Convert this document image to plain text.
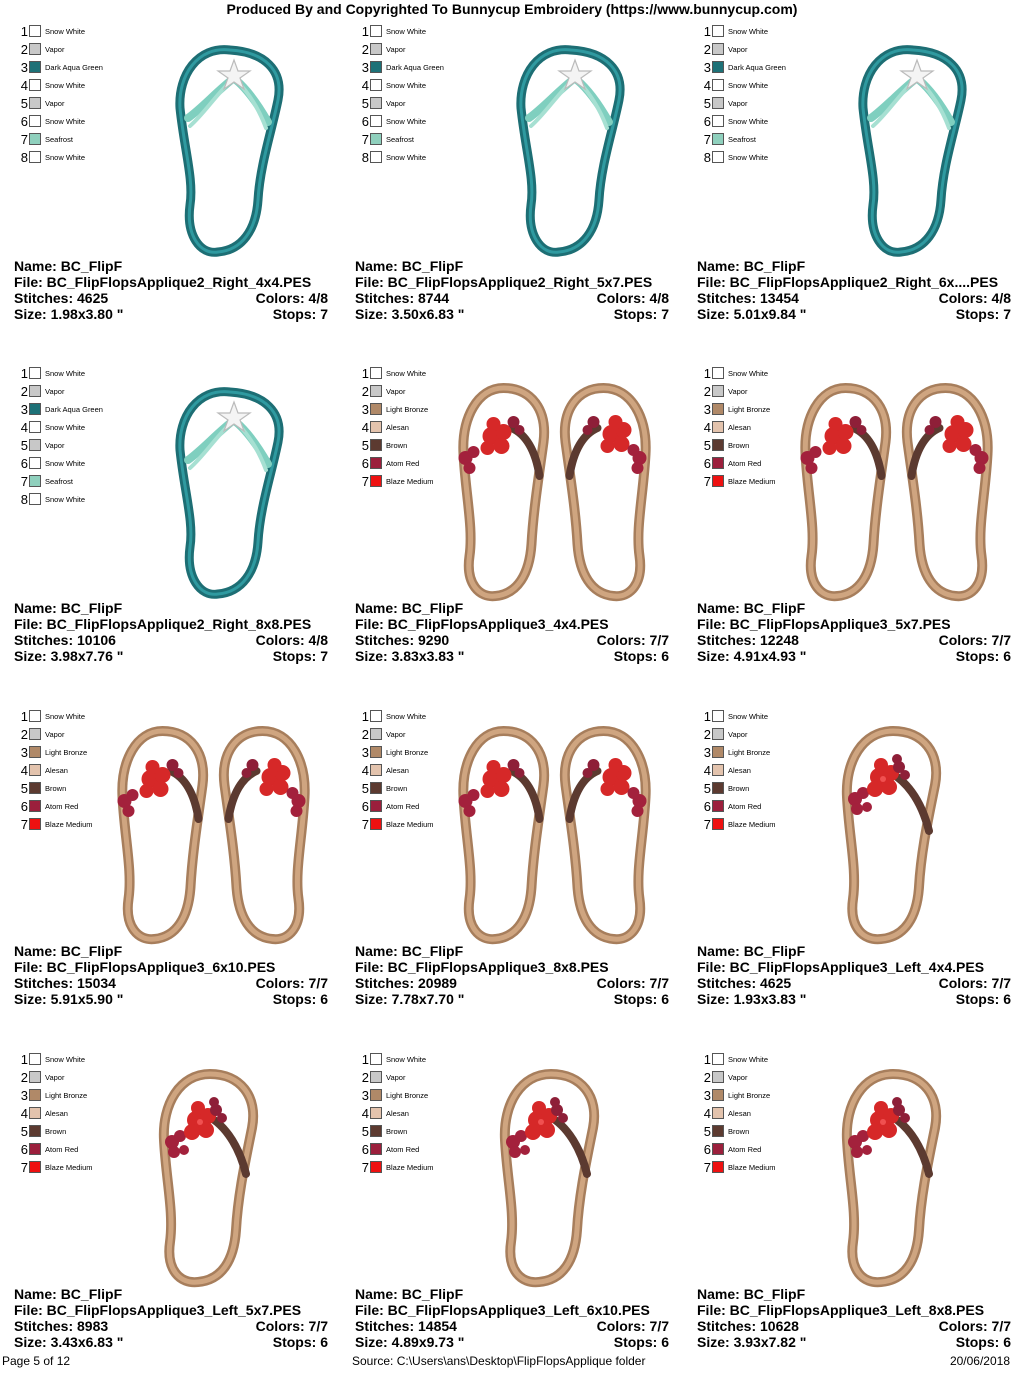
Produced By and Copyrighted To Bunnycup Embroidery (https://www.bunnycup.com)
1 Snow White
2 Vapor
3 Dark Aqua Green
4 Snow White
5 Vapor
6 Snow White
7 Seafrost
8 Snow White
Name: BC_FlipF
File: BC_FlipFlopsApplique2_Right_4x4.PES
Stitches: 4625	Colors: 4/8
Size: 1.98x3.80 "	Stops: 7
1 Snow White
2 Vapor
3 Dark Aqua Green
4 Snow White
5 Vapor
6 Snow White
7 Seafrost
8 Snow White
Name: BC_FlipF
File: BC_FlipFlopsApplique2_Right_5x7.PES
Stitches: 8744	Colors: 4/8
Size: 3.50x6.83 "	Stops: 7
1 Snow White
2 Vapor
3 Dark Aqua Green
4 Snow White
5 Vapor
6 Snow White
7 Seafrost
8 Snow White
Name: BC_FlipF
File: BC_FlipFlopsApplique2_Right_6x....PES
Stitches: 13454	Colors: 4/8
Size: 5.01x9.84 "	Stops: 7
1 Snow White
2 Vapor
3 Dark Aqua Green
4 Snow White
5 Vapor
6 Snow White
7 Seafrost
8 Snow White
Name: BC_FlipF
File: BC_FlipFlopsApplique2_Right_8x8.PES
Stitches: 10106	Colors: 4/8
Size: 3.98x7.76 "	Stops: 7
1 Snow White
2 Vapor
3 Light Bronze
4 Alesan
5 Brown
6 Atom Red
7 Blaze Medium
Name: BC_FlipF
File: BC_FlipFlopsApplique3_4x4.PES
Stitches: 9290	Colors: 7/7
Size: 3.83x3.83 "	Stops: 6
1 Snow White
2 Vapor
3 Light Bronze
4 Alesan
5 Brown
6 Atom Red
7 Blaze Medium
Name: BC_FlipF
File: BC_FlipFlopsApplique3_5x7.PES
Stitches: 12248	Colors: 7/7
Size: 4.91x4.93 "	Stops: 6
1 Snow White
2 Vapor
3 Light Bronze
4 Alesan
5 Brown
6 Atom Red
7 Blaze Medium
Name: BC_FlipF
File: BC_FlipFlopsApplique3_6x10.PES
Stitches: 15034	Colors: 7/7
Size: 5.91x5.90 "	Stops: 6
1 Snow White
2 Vapor
3 Light Bronze
4 Alesan
5 Brown
6 Atom Red
7 Blaze Medium
Name: BC_FlipF
File: BC_FlipFlopsApplique3_8x8.PES
Stitches: 20989	Colors: 7/7
Size: 7.78x7.70 "	Stops: 6
1 Snow White
2 Vapor
3 Light Bronze
4 Alesan
5 Brown
6 Atom Red
7 Blaze Medium
Name: BC_FlipF
File: BC_FlipFlopsApplique3_Left_4x4.PES
Stitches: 4625	Colors: 7/7
Size: 1.93x3.83 "	Stops: 6
1 Snow White
2 Vapor
3 Light Bronze
4 Alesan
5 Brown
6 Atom Red
7 Blaze Medium
Name: BC_FlipF
File: BC_FlipFlopsApplique3_Left_5x7.PES
Stitches: 8983	Colors: 7/7
Size: 3.43x6.83 "	Stops: 6
1 Snow White
2 Vapor
3 Light Bronze
4 Alesan
5 Brown
6 Atom Red
7 Blaze Medium
Name: BC_FlipF
File: BC_FlipFlopsApplique3_Left_6x10.PES
Stitches: 14854	Colors: 7/7
Size: 4.89x9.73 "	Stops: 6
1 Snow White
2 Vapor
3 Light Bronze
4 Alesan
5 Brown
6 Atom Red
7 Blaze Medium
Name: BC_FlipF
File: BC_FlipFlopsApplique3_Left_8x8.PES
Stitches: 10628	Colors: 7/7
Size: 3.93x7.82 "	Stops: 6
Page 5 of 12	Source: C:\Users\ans\Desktop\FlipFlopsApplique folder	20/06/2018
